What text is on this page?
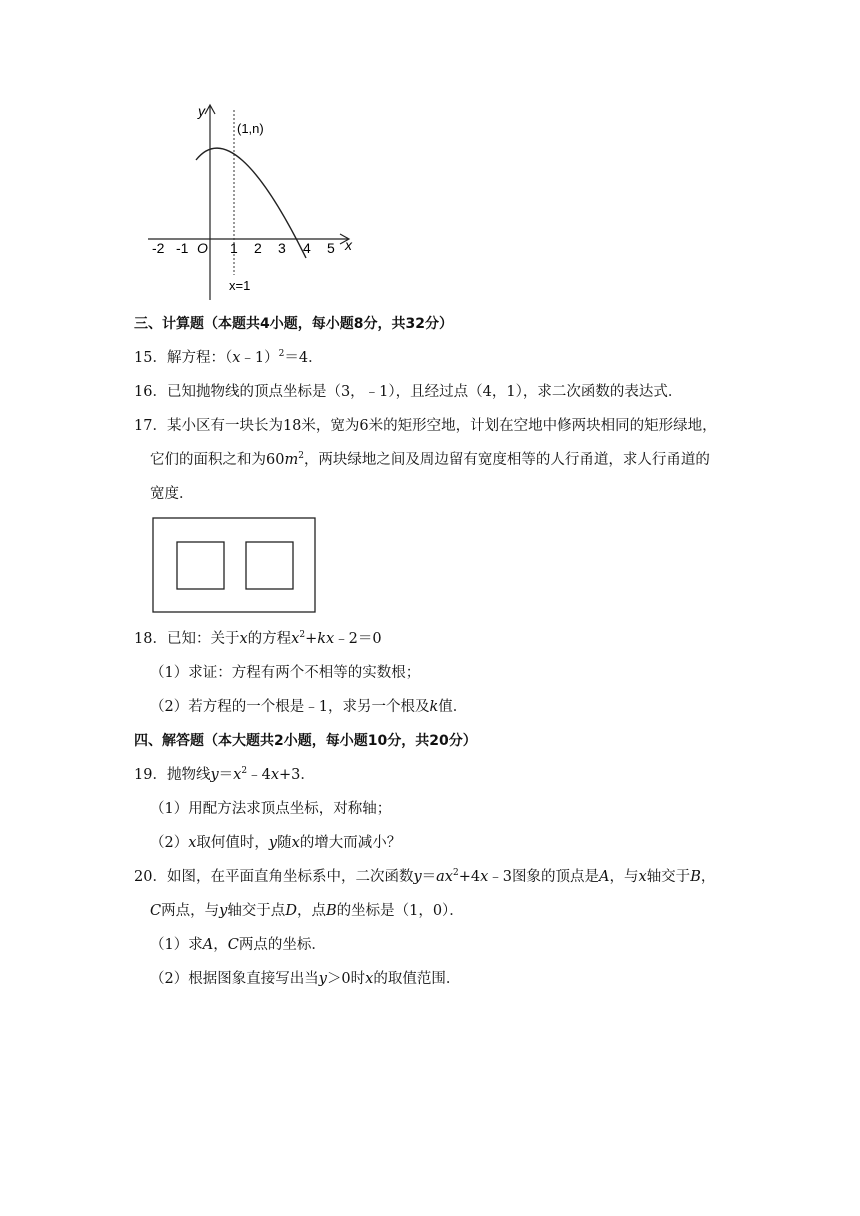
-2 -1 O 1 2 3 4 5 x
y
(1,n)
x=1
三、计算题（本题共4小题，每小题8分，共32分）
15．解方程：（x﹣1）$^2$＝4．
16．已知抛物线的顶点坐标是（3，﹣1），且经过点（4，1），求二次函数的表达式．
17．某小区有一块长为18米，宽为6米的矩形空地，计划在空地中修两块相同的矩形绿地，
它们的面积之和为$60m^2$，两块绿地之间及周边留有宽度相等的人行甬道，求人行甬道的
宽度．
18．已知：关于x的方程$x^2+kx﹣2=0$
（1）求证：方程有两个不相等的实数根；
（2）若方程的一个根是﹣1，求另一个根及k值．
四、解答题（本大题共2小题，每小题10分，共20分）
19．抛物线$y=x^2﹣4x+3$．
（1）用配方法求顶点坐标，对称轴；
（2）x取何值时，y随x的增大而减小？
20．如图，在平面直角坐标系中，二次函数$y=ax^2+4x﹣3$图象的顶点是A，与x轴交于B，
C两点，与y轴交于点D，点B的坐标是（1，0）．
（1）求A，C两点的坐标．
（2）根据图象直接写出当y＞0时x的取值范围．
